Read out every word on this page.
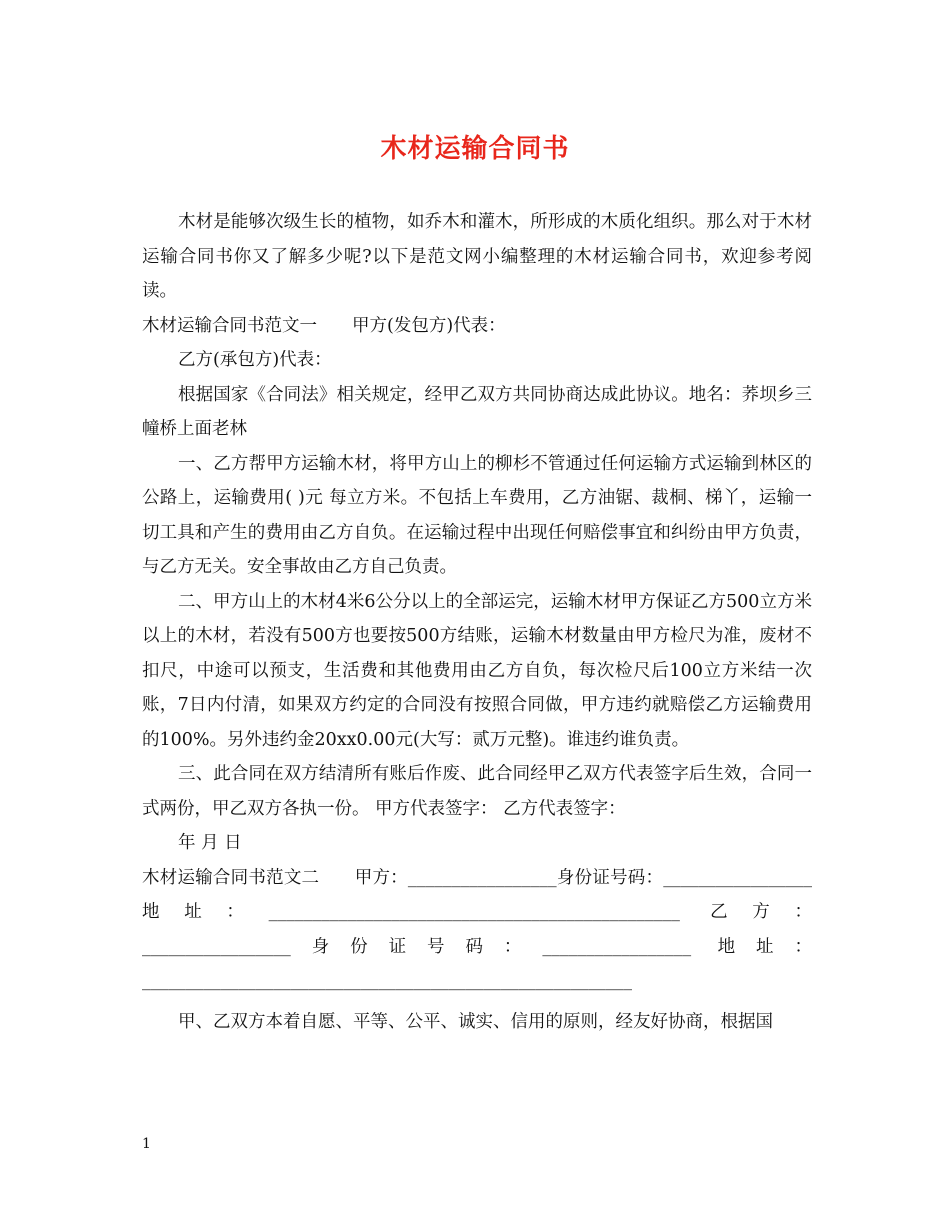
木材运输合同书

木材是能够次级生长的植物，如乔木和灌木，所形成的木质化组织。那么对于木材运输合同书你又了解多少呢?以下是范文网小编整理的木材运输合同书，欢迎参考阅读。

木材运输合同书范文一　　甲方(发包方)代表：

乙方(承包方)代表：

根据国家《合同法》相关规定，经甲乙双方共同协商达成此协议。地名：荞坝乡三幢桥上面老林

一、乙方帮甲方运输木材，将甲方山上的柳杉不管通过任何运输方式运输到林区的公路上，运输费用( )元 每立方米。不包括上车费用，乙方油锯、裁桐、梯丫，运输一切工具和产生的费用由乙方自负。在运输过程中出现任何赔偿事宜和纠纷由甲方负责，与乙方无关。安全事故由乙方自己负责。

二、甲方山上的木材4米6公分以上的全部运完，运输木材甲方保证乙方500立方米以上的木材，若没有500方也要按500方结账，运输木材数量由甲方检尺为准，废材不扣尺，中途可以预支，生活费和其他费用由乙方自负，每次检尺后100立方米结一次账，7日内付清，如果双方约定的合同没有按照合同做，甲方违约就赔偿乙方运输费用的100%。另外违约金20xx0.00元(大写：贰万元整)。谁违约谁负责。

三、此合同在双方结清所有账后作废、此合同经甲乙双方代表签字后生效，合同一式两份，甲乙双方各执一份。 甲方代表签字： 乙方代表签字：

年 月 日

木材运输合同书范文二　　甲方：_________________身份证号码：_________________ 地址：_______________________________________________ 乙方：_________________身份证号码：_________________ 地址：________________________________________________________

甲、乙双方本着自愿、平等、公平、诚实、信用的原则，经友好协商，根据国

1
